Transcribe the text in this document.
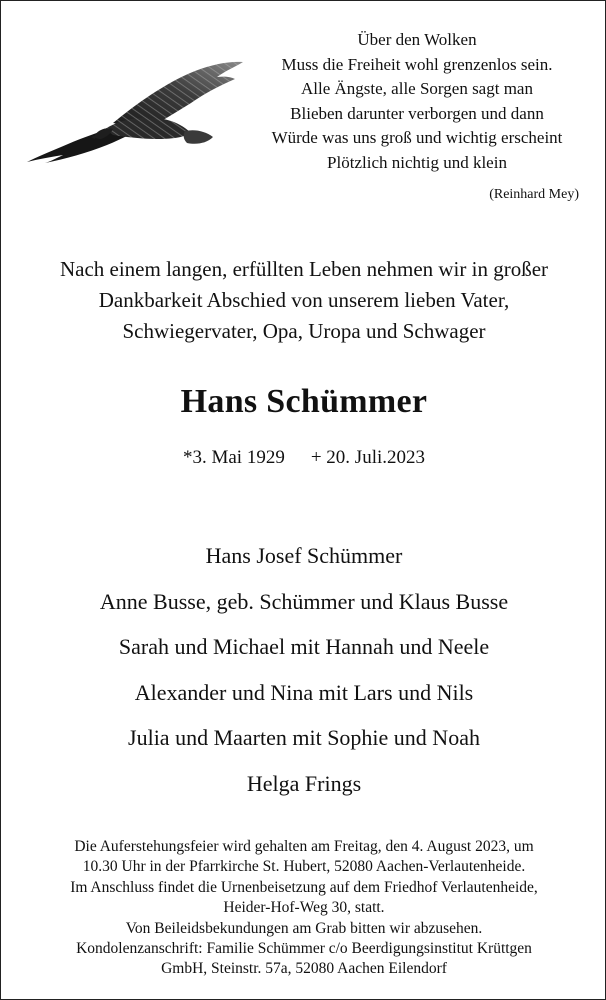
Über den Wolken
Muss die Freiheit wohl grenzenlos sein.
Alle Ängste, alle Sorgen sagt man
Blieben darunter verborgen und dann
Würde was uns groß und wichtig erscheint
Plötzlich nichtig und klein
(Reinhard Mey)
Nach einem langen, erfüllten Leben nehmen wir in großer
Dankbarkeit Abschied von unserem lieben Vater,
Schwiegervater, Opa, Uropa und Schwager
Hans Schümmer
*3. Mai 1929 + 20. Juli.2023
Hans Josef Schümmer
Anne Busse, geb. Schümmer und Klaus Busse
Sarah und Michael mit Hannah und Neele
Alexander und Nina mit Lars und Nils
Julia und Maarten mit Sophie und Noah
Helga Frings
Die Auferstehungsfeier wird gehalten am Freitag, den 4. August 2023, um
10.30 Uhr in der Pfarrkirche St. Hubert, 52080 Aachen-Verlautenheide.
Im Anschluss findet die Urnenbeisetzung auf dem Friedhof Verlautenheide,
Heider-Hof-Weg 30, statt.
Von Beileidsbekundungen am Grab bitten wir abzusehen.
Kondolenzanschrift: Familie Schümmer c/o Beerdigungsinstitut Krüttgen
GmbH, Steinstr. 57a, 52080 Aachen Eilendorf
